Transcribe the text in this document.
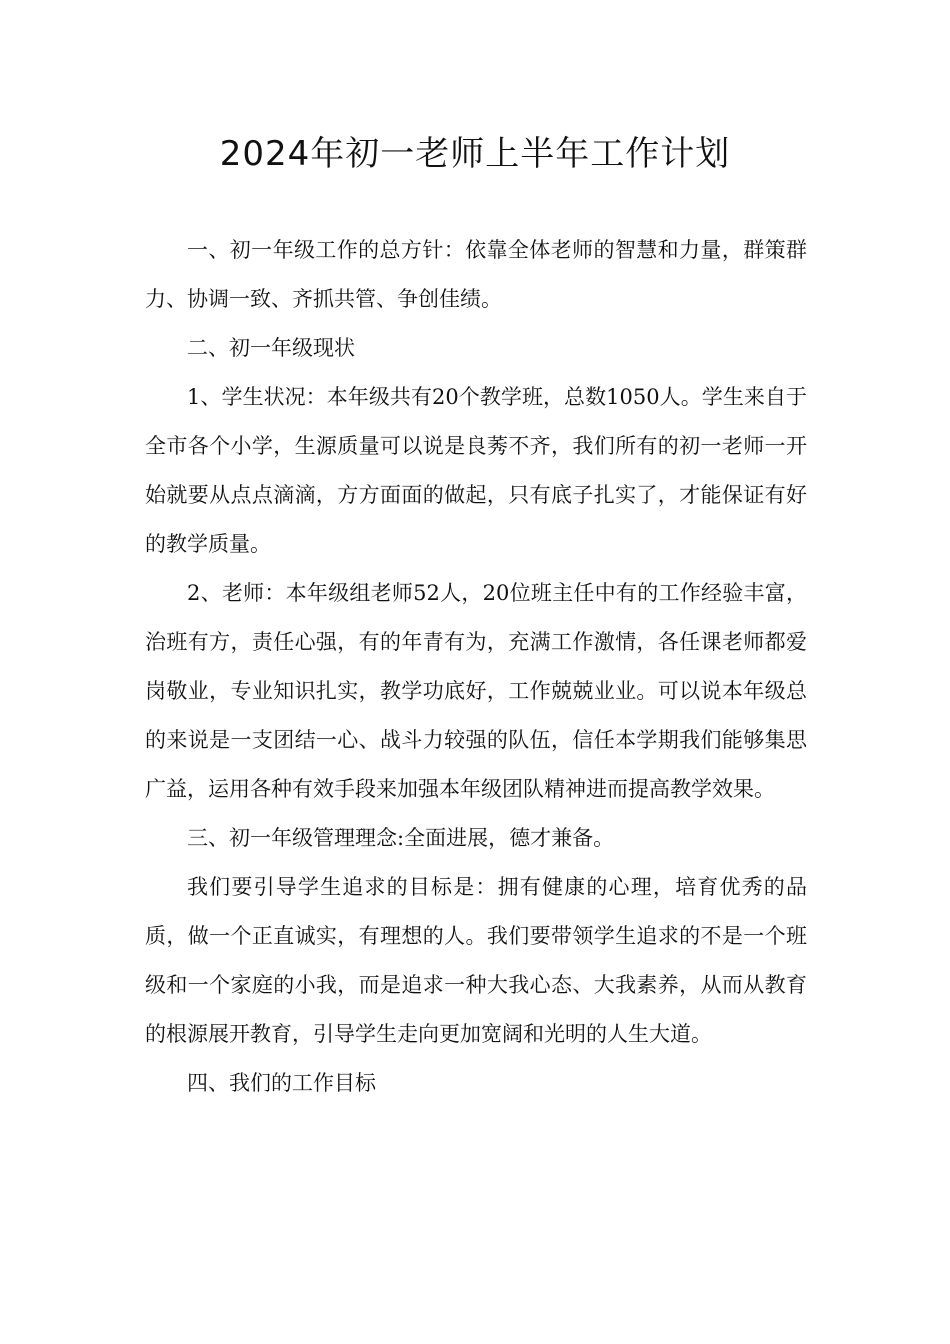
2024年初一老师上半年工作计划

一、初一年级工作的总方针：依靠全体老师的智慧和力量，群策群力、协调一致、齐抓共管、争创佳绩。

二、初一年级现状

1、学生状况：本年级共有20个教学班，总数1050人。学生来自于全市各个小学，生源质量可以说是良莠不齐，我们所有的初一老师一开始就要从点点滴滴，方方面面的做起，只有底子扎实了，才能保证有好的教学质量。

2、老师：本年级组老师52人，20位班主任中有的工作经验丰富，治班有方，责任心强，有的年青有为，充满工作激情，各任课老师都爱岗敬业，专业知识扎实，教学功底好，工作兢兢业业。可以说本年级总的来说是一支团结一心、战斗力较强的队伍，信任本学期我们能够集思广益，运用各种有效手段来加强本年级团队精神进而提高教学效果。

三、初一年级管理理念:全面进展，德才兼备。

我们要引导学生追求的目标是：拥有健康的心理，培育优秀的品质，做一个正直诚实，有理想的人。我们要带领学生追求的不是一个班级和一个家庭的小我，而是追求一种大我心态、大我素养，从而从教育的根源展开教育，引导学生走向更加宽阔和光明的人生大道。

四、我们的工作目标
